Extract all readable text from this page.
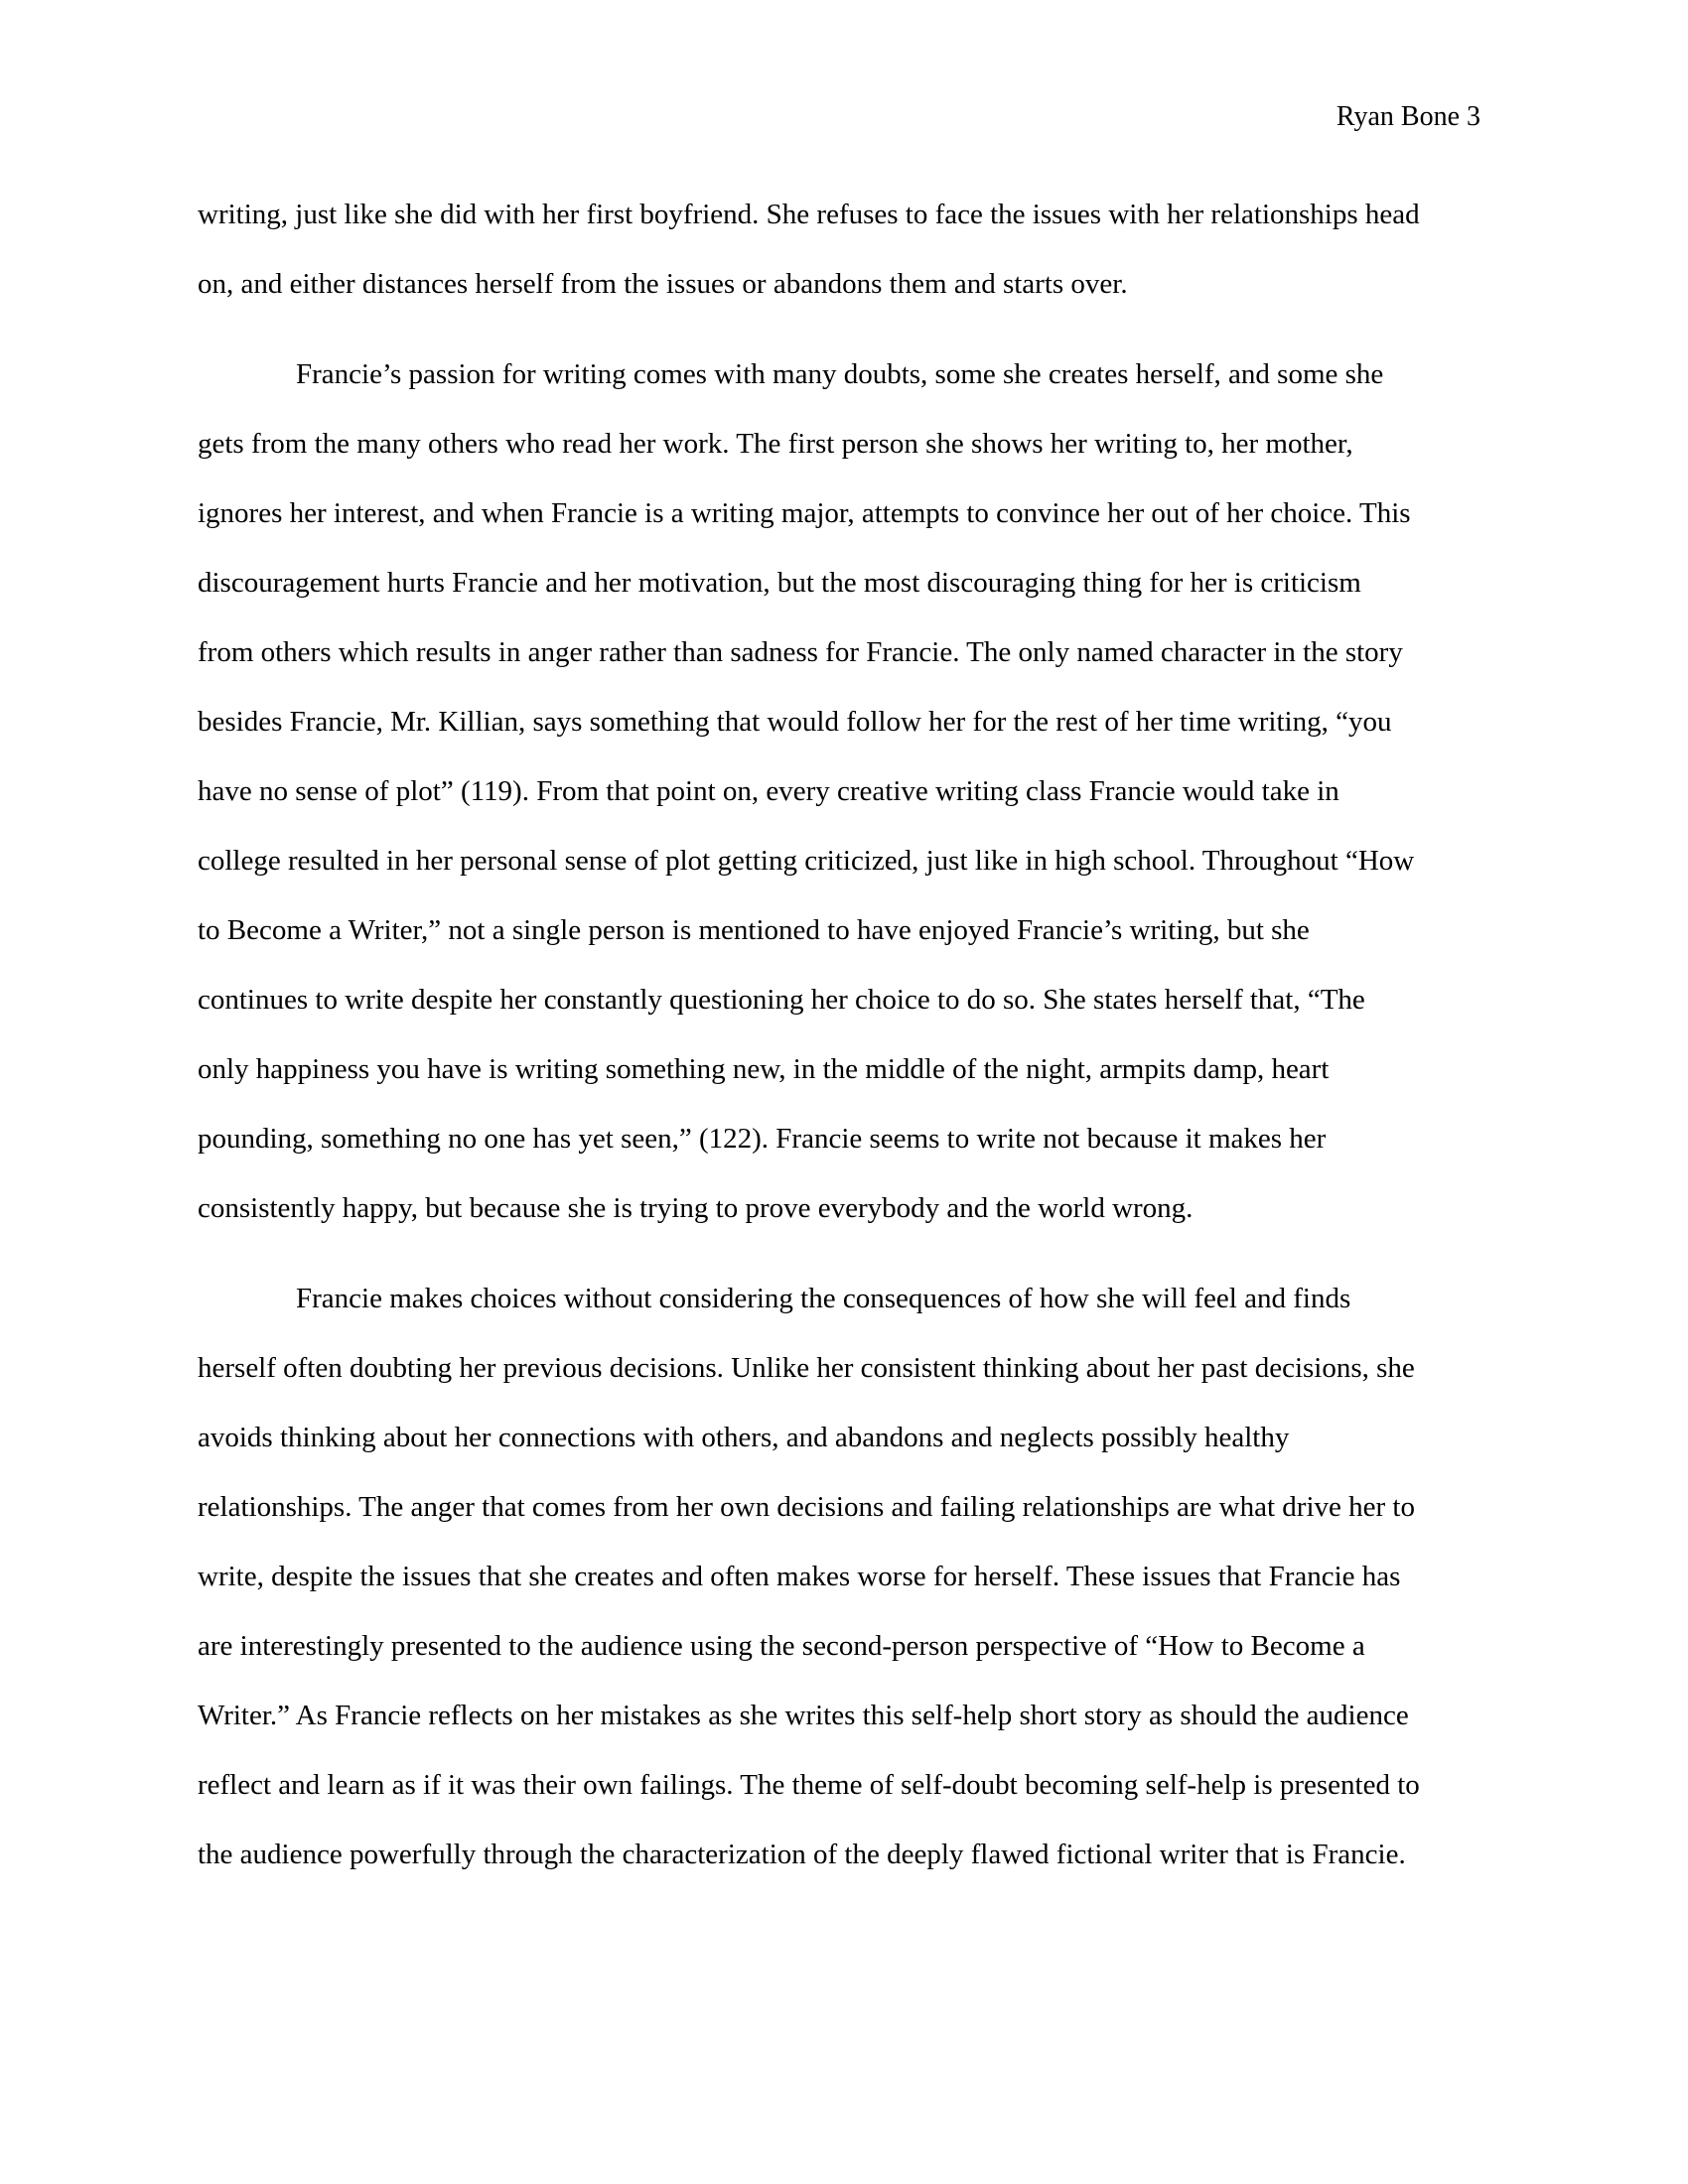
Ryan Bone 3
writing, just like she did with her first boyfriend. She refuses to face the issues with her relationships head
on, and either distances herself from the issues or abandons them and starts over.
Francie’s passion for writing comes with many doubts, some she creates herself, and some she
gets from the many others who read her work. The first person she shows her writing to, her mother,
ignores her interest, and when Francie is a writing major, attempts to convince her out of her choice. This
discouragement hurts Francie and her motivation, but the most discouraging thing for her is criticism
from others which results in anger rather than sadness for Francie. The only named character in the story
besides Francie, Mr. Killian, says something that would follow her for the rest of her time writing, “you
have no sense of plot” (119). From that point on, every creative writing class Francie would take in
college resulted in her personal sense of plot getting criticized, just like in high school. Throughout “How
to Become a Writer,” not a single person is mentioned to have enjoyed Francie’s writing, but she
continues to write despite her constantly questioning her choice to do so. She states herself that, “The
only happiness you have is writing something new, in the middle of the night, armpits damp, heart
pounding, something no one has yet seen,” (122). Francie seems to write not because it makes her
consistently happy, but because she is trying to prove everybody and the world wrong.
Francie makes choices without considering the consequences of how she will feel and finds
herself often doubting her previous decisions. Unlike her consistent thinking about her past decisions, she
avoids thinking about her connections with others, and abandons and neglects possibly healthy
relationships. The anger that comes from her own decisions and failing relationships are what drive her to
write, despite the issues that she creates and often makes worse for herself. These issues that Francie has
are interestingly presented to the audience using the second-person perspective of “How to Become a
Writer.” As Francie reflects on her mistakes as she writes this self-help short story as should the audience
reflect and learn as if it was their own failings. The theme of self-doubt becoming self-help is presented to
the audience powerfully through the characterization of the deeply flawed fictional writer that is Francie.
